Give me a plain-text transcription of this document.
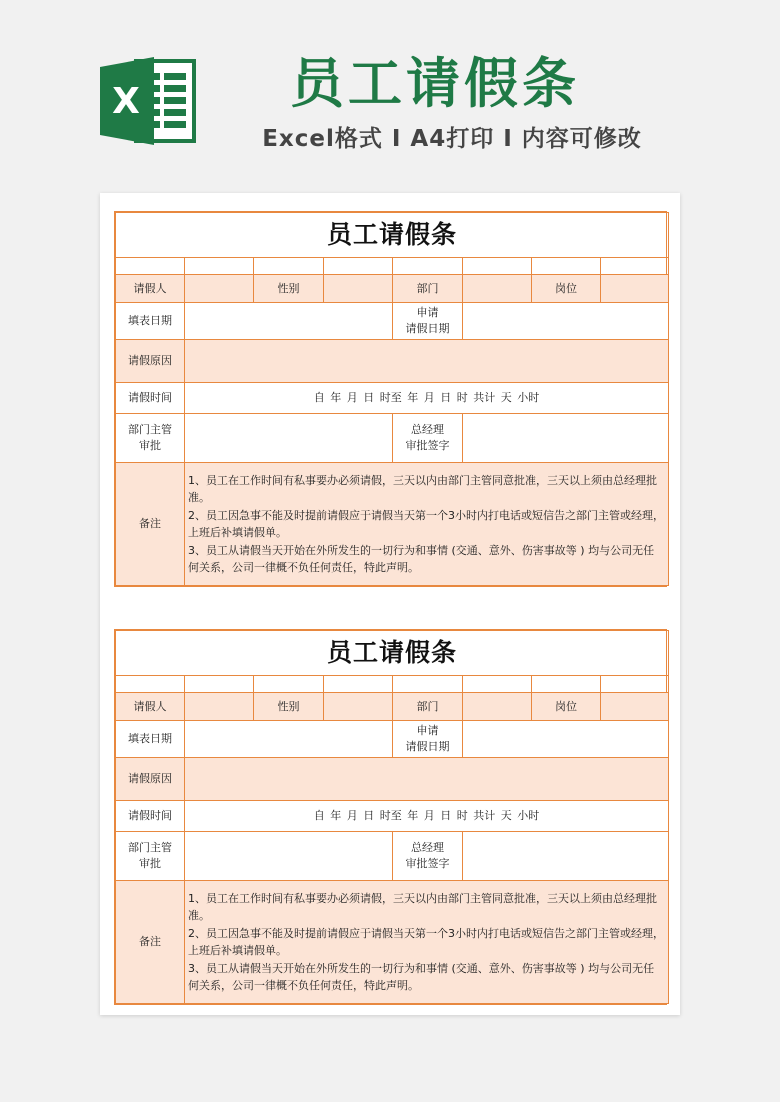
X	员工请假条
Excel格式 I A4打印 I 内容可修改
员工请假条							

请假人		性别		部门		岗位	
填表日期				申请
请假日期			

请假原因							
请假时间	自 年 月 日 时至 年 月 日 时 共计 天 小时						

部门主管
审批				总经理
审批签字			

备注	1、员工在工作时间有私事要办必须请假，三天以内由部门主管同意批准，三天以上须由总经理批准。
2、员工因急事不能及时提前请假应于请假当天第一个3小时内打电话或短信告之部门主管或经理，上班后补填请假单。
3、员工从请假当天开始在外所发生的一切行为和事情 (交通、意外、伤害事故等 ) 均与公司无任何关系，公司一律概不负任何责任，特此声明。						
员工请假条							

请假人		性别		部门		岗位	
填表日期				申请
请假日期			

请假原因							
请假时间	自 年 月 日 时至 年 月 日 时 共计 天 小时						

部门主管
审批				总经理
审批签字			

备注	1、员工在工作时间有私事要办必须请假，三天以内由部门主管同意批准，三天以上须由总经理批准。
2、员工因急事不能及时提前请假应于请假当天第一个3小时内打电话或短信告之部门主管或经理，上班后补填请假单。
3、员工从请假当天开始在外所发生的一切行为和事情 (交通、意外、伤害事故等 ) 均与公司无任何关系，公司一律概不负任何责任，特此声明。						
